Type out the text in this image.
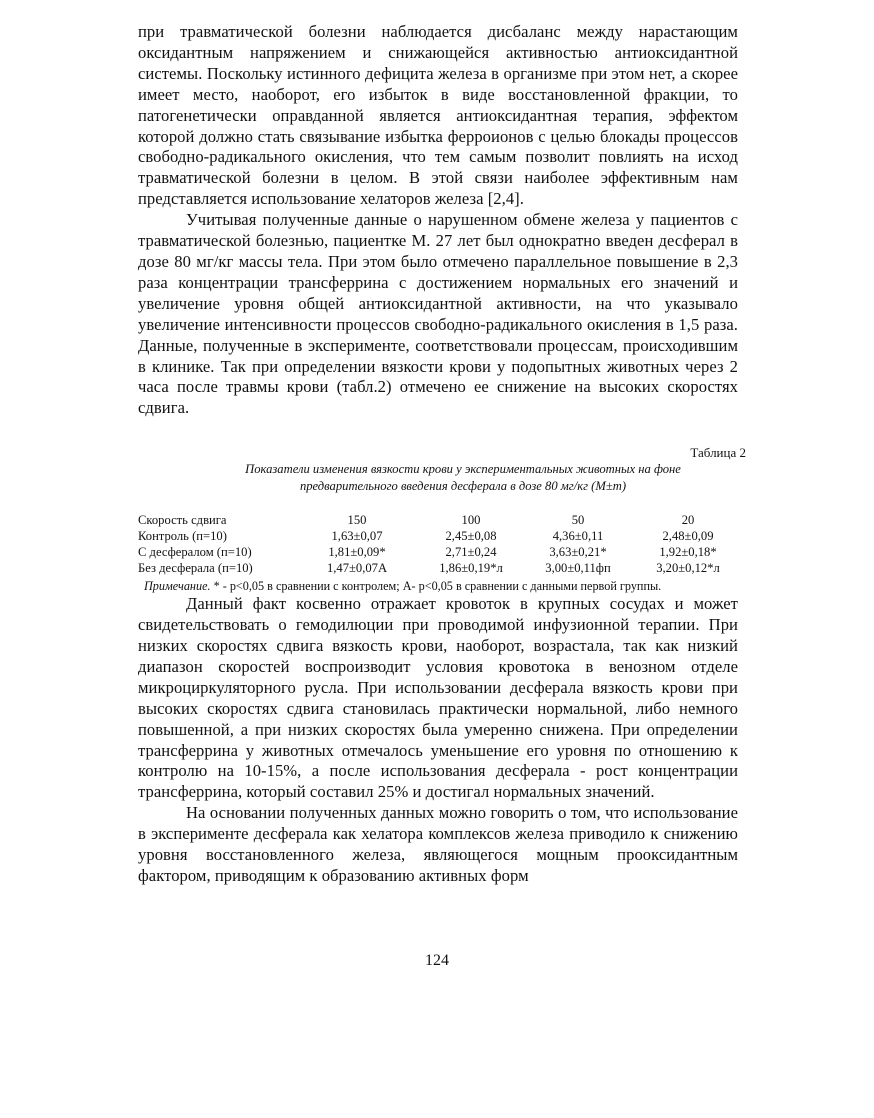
при травматической болезни наблюдается дисбаланс между нарастающим оксидантным напряжением и снижающейся активностью антиоксидантной системы. Поскольку истинного дефицита железа в организме при этом нет, а скорее имеет место, наоборот, его избыток в виде восстановленной фракции, то патогенетически оправданной является антиоксидантная терапия, эффектом которой должно стать связывание избытка ферроионов с целью блокады процессов свободно-радикального окисления, что тем самым позволит повлиять на исход травматической болезни в целом. В этой связи наиболее эффективным нам представляется использование хелаторов железа [2,4].

Учитывая полученные данные о нарушенном обмене железа у пациентов с травматической болезнью, пациентке М. 27 лет был однократно введен десферал в дозе 80 мг/кг массы тела. При этом было отмечено параллельное повышение в 2,3 раза концентрации трансферрина с достижением нормальных его значений и увеличение уровня общей антиоксидантной активности, на что указывало увеличение интенсивности процессов свободно-радикального окисления в 1,5 раза. Данные, полученные в эксперименте, соответствовали процессам, происходившим в клинике. Так при определении вязкости крови у подопытных животных через 2 часа после травмы крови (табл.2) отмечено ее снижение на высоких скоростях сдвига.

Таблица 2
Показатели изменения вязкости крови у экспериментальных животных на фоне предварительного введения десферала в дозе 80 мг/кг (M±m)
Скорость сдвига	150	100	50	20
Контроль (п=10)	1,63±0,07	2,45±0,08	4,36±0,11	2,48±0,09
С десфералом (п=10)	1,81±0,09*	2,71±0,24	3,63±0,21*	1,92±0,18*
Без десферала (п=10)	1,47±0,07А	1,86±0,19*л	3,00±0,11фп	3,20±0,12*л
Примечание. * - p<0,05 в сравнении с контролем; А- p<0,05 в сравнении с данными первой группы.

Данный факт косвенно отражает кровоток в крупных сосудах и может свидетельствовать о гемодилюции при проводимой инфузионной терапии. При низких скоростях сдвига вязкость крови, наоборот, возрастала, так как низкий диапазон скоростей воспроизводит условия кровотока в венозном отделе микроциркуляторного русла. При использовании десферала вязкость крови при высоких скоростях сдвига становилась практически нормальной, либо немного повышенной, а при низких скоростях была умеренно снижена. При определении трансферрина у животных отмечалось уменьшение его уровня по отношению к контролю на 10-15%, а после использования десферала - рост концентрации трансферрина, который составил 25% и достигал нормальных значений.

На основании полученных данных можно говорить о том, что использование в эксперименте десферала как хелатора комплексов железа приводило к снижению уровня восстановленного железа, являющегося мощным прооксидантным фактором, приводящим к образованию активных форм

124
